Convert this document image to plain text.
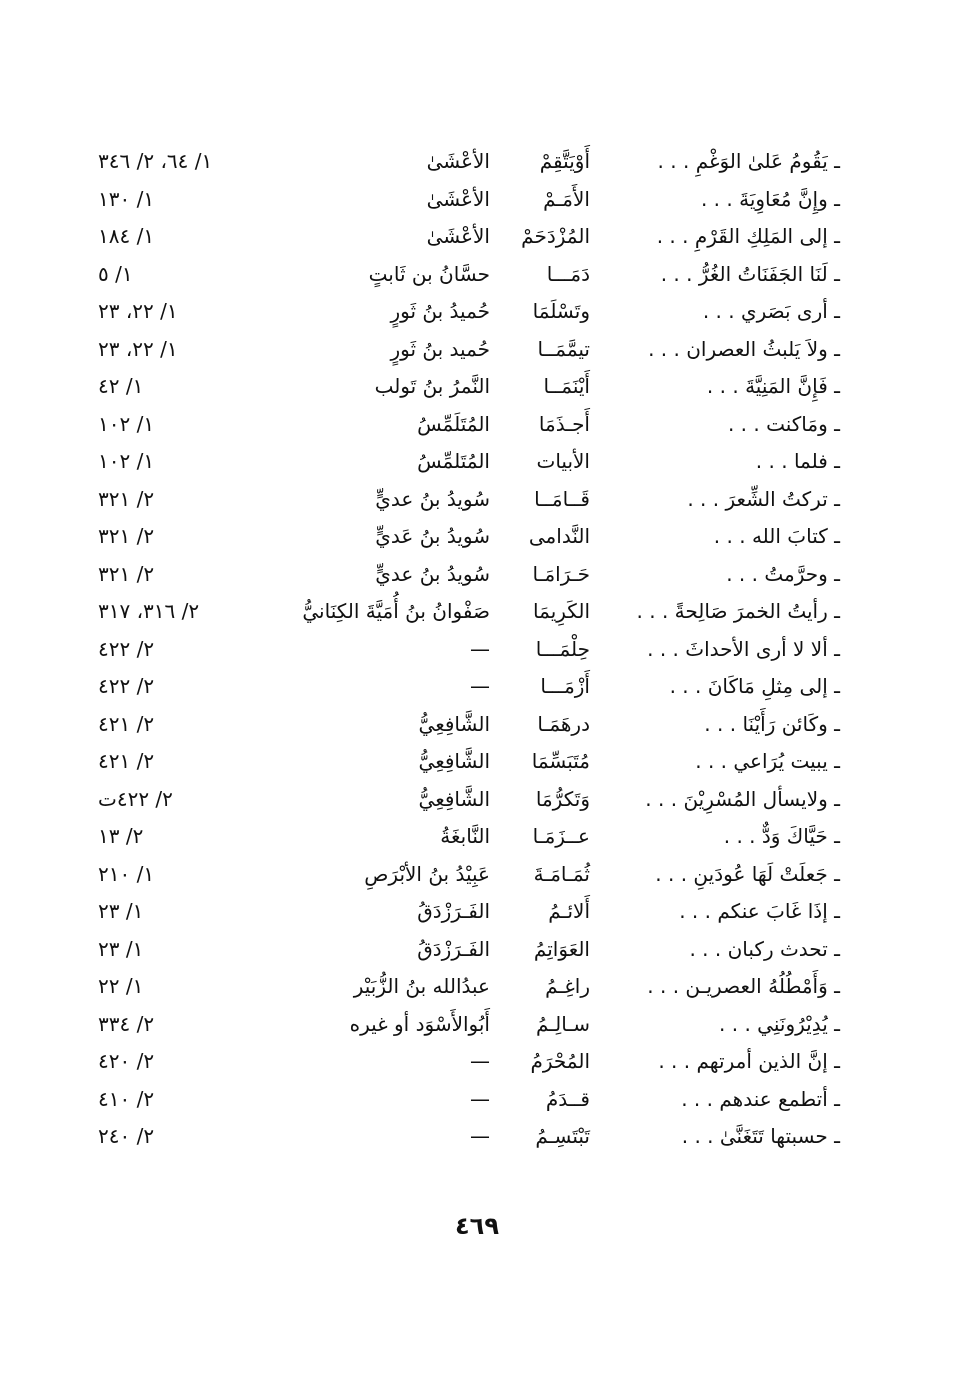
ـ يَقُومُ عَلىٰ الوَغْمِ . . .
أَوْيَتَّقِمْ
الأعْشَىٰ
١/ ٦٤، ٢/ ٣٤٦
ـ وإِنَّ مُعَاوِيَةَ . . .
الأَمَـمْ
الأعْشَىٰ
١/ ١٣٠
ـ إلى المَلِكِ القَرْمِ . . .
المُزْدَحَمْ
الأعْشَىٰ
١/ ١٨٤
ـ لَنَا الجَفَنَاتُ الغُرُّ . . .
دَمَـــا
حسَّانُ بن ثَابتٍ
١/ ٥
ـ أرى بَصَري . . .
وتَسْلَمَا
حُميدُ بنُ ثَورٍ
١/ ٢٢، ٢٣
ـ ولاَ يَلبثُ العصران . . .
تيمَّمَــا
حُميد بنُ ثَورٍ
١/ ٢٢، ٢٣
ـ فَإِنَّ المَنِيَّةَ . . .
أَيْنَمَــا
النَّمرُ بنُ تَولب
١/ ٤٢
ـ ومَاكنت . . .
أَجـذَمَا
المُتَلَمِّسُ
١/ ١٠٢
ـ فلما . . .
الأبيات
المُتَلمِّسُ
١/ ١٠٢
ـ تركتُ الشِّعرَ . . .
قَــامَــا
سُويدُ بنُ عديٍّ
٢/ ٣٢١
ـ كتابَ الله . . .
النَّدامى
سُويدُ بنُ عَديٍّ
٢/ ٣٢١
ـ وحرَّمتُ . . .
حَـرَامَـا
سُويدُ بنُ عديٍّ
٢/ ٣٢١
ـ رأيتُ الخمرَ صَالِحةً . . .
الكَرِيمَا
صَفْوانُ بنُ أُمَيَّةَ الكِنَانيُّ
٢/ ٣١٦، ٣١٧
ـ ألا لا أرى الأحداثَ . . .
حِلْمَـــا
—
٢/ ٤٢٢
ـ إلى مِثلِ مَاكَانَ . . .
أَزْمَـــا
—
٢/ ٤٢٢
ـ وكَائن رَأَيْنَا . . .
درهَمَـا
الشَّافِعِيُّ
٢/ ٤٢١
ـ يبيت يُرَاعي . . .
مُتَبَسِّمَا
الشَّافِعِيُّ
٢/ ٤٢١
ـ ولايسأل المُسْرِيْنَ . . .
وَتَكرُّمَا
الشَّافِعِيُّ
٢/ ٤٢٢ت
ـ حَيَّاكَ وَدٌّ . . .
عــزَمَـا
النَّابغَةُ
٢/ ١٣
ـ جَعلَتْ لَهَا عُودَينِ . . .
ثُمَـامَـةَ
عَبِيْدُ بنُ الأبْرَصِ
١/ ٢١٠
ـ إذَا غَابَ عنكم . . .
أَلائـمُ
الفَـرَزْدَقُ
١/ ٢٣
ـ تحدث ركبان . . .
العَوَاتِمُ
الفَـرَزْدَقُ
١/ ٢٣
ـ وَأَمْطُلُهُ العصريـن . . .
راغِـمُ
عبدُالله بنُ الزُّبَيْر
١/ ٢٢
ـ يُدِيْرُونَنِي . . .
سـالِـمُ
أَبُوالأَسْوَد أو غيره
٢/ ٣٣٤
ـ إنَّ الذين أمرتهم . . .
المُحْرَمُ
—
٢/ ٤٢٠
ـ أتطمع عندهم . . .
قــدَمُ
—
٢/ ٤١٠
ـ حسبتها تَتَغَنَّىٰ . . .
تَبْتَسِـمُ
—
٢/ ٢٤٠
٤٦٩
